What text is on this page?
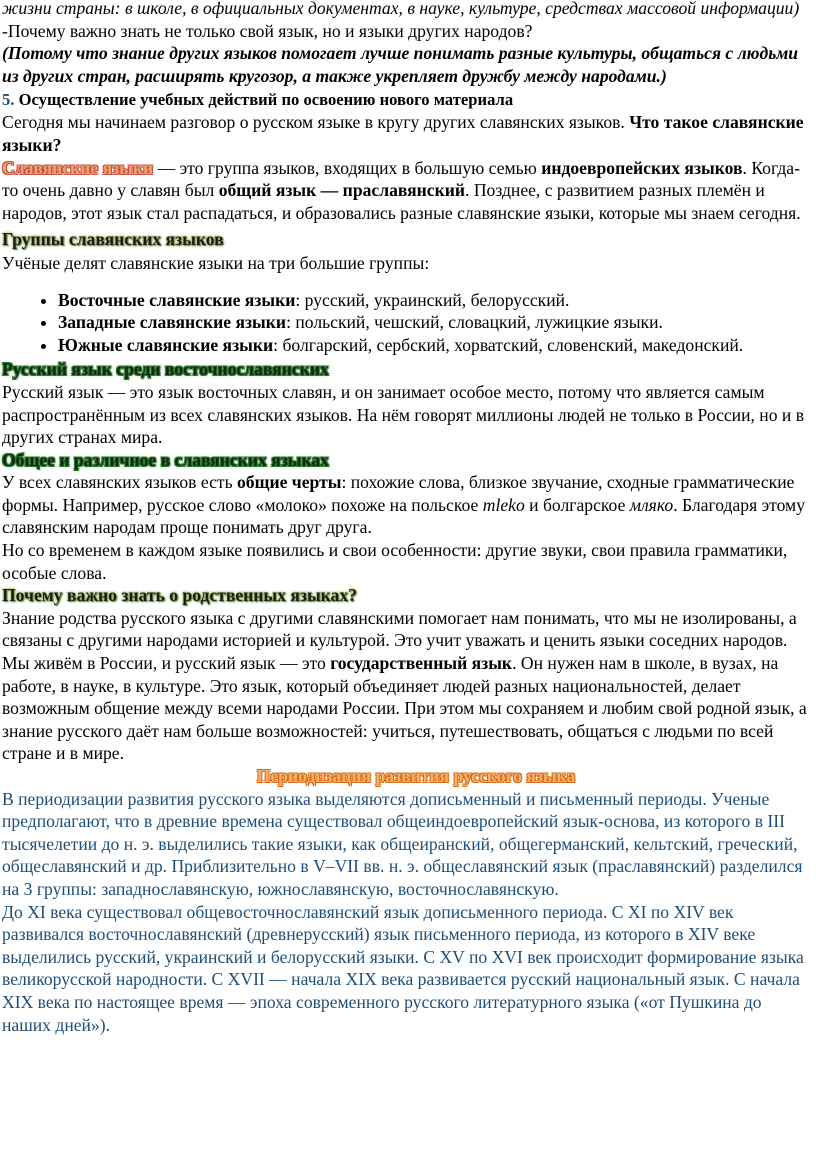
жизни страны: в школе, в официальных документах, в науке, культуре, средствах массовой информации)

-Почему важно знать не только свой язык, но и языки других народов?

(Потому что знание других языков помогает лучше понимать разные культуры, общаться с людьми из других стран, расширять кругозор, а также укрепляет дружбу между народами.)

5. Осуществление учебных действий по освоению нового материала

Сегодня мы начинаем разговор о русском языке в кругу других славянских языков. Что такое славянские языки?

Славянские языки — это группа языков, входящих в большую семью индоевропейских языков. Когда-то очень давно у славян был общий язык — праславянский. Позднее, с развитием разных племён и народов, этот язык стал распадаться, и образовались разные славянские языки, которые мы знаем сегодня.

Группы славянских языков

Учёные делят славянские языки на три большие группы:

• Восточные славянские языки: русский, украинский, белорусский.
• Западные славянские языки: польский, чешский, словацкий, лужицкие языки.
• Южные славянские языки: болгарский, сербский, хорватский, словенский, македонский.

Русский язык среди восточнославянских

Русский язык — это язык восточных славян, и он занимает особое место, потому что является самым распространённым из всех славянских языков. На нём говорят миллионы людей не только в России, но и в других странах мира.

Общее и различное в славянских языках

У всех славянских языков есть общие черты: похожие слова, близкое звучание, сходные грамматические формы. Например, русское слово «молоко» похоже на польское mleko и болгарское мляко. Благодаря этому славянским народам проще понимать друг друга.

Но со временем в каждом языке появились и свои особенности: другие звуки, свои правила грамматики, особые слова.

Почему важно знать о родственных языках?

Знание родства русского языка с другими славянскими помогает нам понимать, что мы не изолированы, а связаны с другими народами историей и культурой. Это учит уважать и ценить языки соседних народов.

Мы живём в России, и русский язык — это государственный язык. Он нужен нам в школе, в вузах, на работе, в науке, в культуре. Это язык, который объединяет людей разных национальностей, делает возможным общение между всеми народами России. При этом мы сохраняем и любим свой родной язык, а знание русского даёт нам больше возможностей: учиться, путешествовать, общаться с людьми по всей стране и в мире.

Периодизация развития русского языка

В периодизации развития русского языка выделяются дописьменный и письменный периоды. Ученые предполагают, что в древние времена существовал общеиндоевропейский язык-основа, из которого в III тысячелетии до н. э. выделились такие языки, как общеиранский, общегерманский, кельтский, греческий, общеславянский и др. Приблизительно в V–VII вв. н. э. общеславянский язык (праславянский) разделился на 3 группы: западнославянскую, южнославянскую, восточнославянскую.

До XI века существовал общевосточнославянский язык дописьменного периода. С XI по XIV век развивался восточнославянский (древнерусский) язык письменного периода, из которого в XIV веке выделились русский, украинский и белорусский языки. С XV по XVI век происходит формирование языка великорусской народности. С XVII — начала XIX века развивается русский национальный язык. С начала XIX века по настоящее время — эпоха современного русского литературного языка («от Пушкина до наших дней»).
